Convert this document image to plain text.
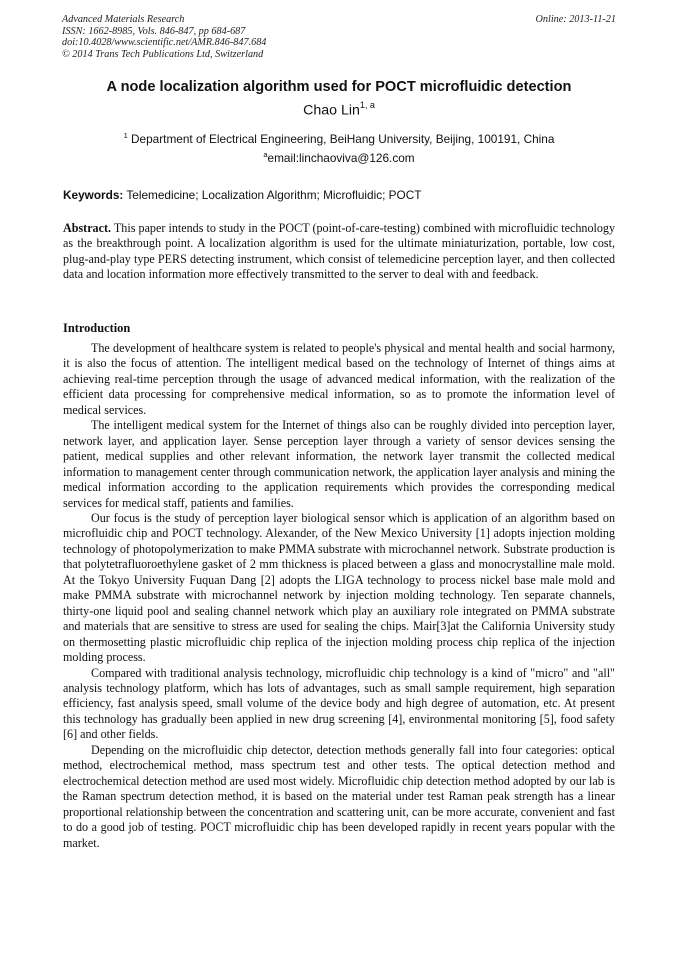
Advanced Materials Research
ISSN: 1662-8985, Vols. 846-847, pp 684-687
doi:10.4028/www.scientific.net/AMR.846-847.684
© 2014 Trans Tech Publications Ltd, Switzerland
Online: 2013-11-21
A node localization algorithm used for POCT microfluidic detection
Chao Lin$^{1, a}$
$^1$ Department of Electrical Engineering, BeiHang University, Beijing, 100191, China
$^a$email:linchaoviva@126.com
Keywords: Telemedicine; Localization Algorithm; Microfluidic; POCT
Abstract. This paper intends to study in the POCT (point-of-care-testing) combined with microfluidic technology as the breakthrough point. A localization algorithm is used for the ultimate miniaturization, portable, low cost, plug-and-play type PERS detecting instrument, which consist of telemedicine perception layer, and then collected data and location information more effectively transmitted to the server to deal with and feedback.
Introduction

The development of healthcare system is related to people's physical and mental health and social harmony, it is also the focus of attention. The intelligent medical based on the technology of Internet of things aims at achieving real-time perception through the usage of advanced medical information, with the realization of the efficient data processing for comprehensive medical information, so as to promote the information level of medical services.

The intelligent medical system for the Internet of things also can be roughly divided into perception layer, network layer, and application layer. Sense perception layer through a variety of sensor devices sensing the patient, medical supplies and other relevant information, the network layer transmit the collected medical information to management center through communication network, the application layer analysis and mining the medical information according to the application requirements which provides the corresponding medical services for medical staff, patients and families.

Our focus is the study of perception layer biological sensor which is application of an algorithm based on microfluidic chip and POCT technology. Alexander, of the New Mexico University [1] adopts injection molding technology of photopolymerization to make PMMA substrate with microchannel network. Substrate production is that polytetrafluoroethylene gasket of 2 mm thickness is placed between a glass and monocrystalline male mold. At the Tokyo University Fuquan Dang [2] adopts the LIGA technology to process nickel base male mold and make PMMA substrate with microchannel network by injection molding technology. Ten separate channels, thirty-one liquid pool and sealing channel network which play an auxiliary role integrated on PMMA substrate and materials that are sensitive to stress are used for sealing the chips. Mair[3]at the California University study on thermosetting plastic microfluidic chip replica of the injection molding process chip replica of the injection molding process.

Compared with traditional analysis technology, microfluidic chip technology is a kind of "micro" and "all" analysis technology platform, which has lots of advantages, such as small sample requirement, high separation efficiency, fast analysis speed, small volume of the device body and high degree of automation, etc. At present this technology has gradually been applied in new drug screening [4], environmental monitoring [5], food safety [6] and other fields.

Depending on the microfluidic chip detector, detection methods generally fall into four categories: optical method, electrochemical method, mass spectrum test and other tests. The optical detection method and electrochemical detection method are used most widely. Microfluidic chip detection method adopted by our lab is the Raman spectrum detection method, it is based on the material under test Raman peak strength has a linear proportional relationship between the concentration and scattering unit, can be more accurate, convenient and fast to do a good job of testing. POCT microfluidic chip has been developed rapidly in recent years popular with the market.
